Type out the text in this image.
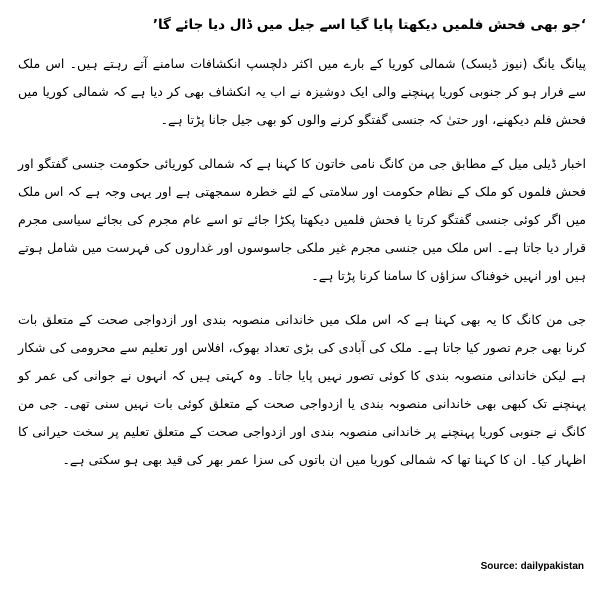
‘جو بھی فحش فلمیں دیکھتا پایا گیا اسے جیل میں ڈال دیا جائے گا’

پیانگ یانگ (نیوز ڈیسک) شمالی کوریا کے بارے میں اکثر دلچسپ انکشافات سامنے آتے رہتے ہیں۔ اس ملک سے فرار ہو کر جنوبی کوریا پہنچنے والی ایک دوشیزہ نے اب یہ انکشاف بھی کر دیا ہے کہ شمالی کوریا میں فحش فلم دیکھنے، اور حتیٰ کہ جنسی گفتگو کرنے والوں کو بھی جیل جانا پڑتا ہے۔

اخبار ڈیلی میل کے مطابق جی من کانگ نامی خاتون کا کہنا ہے کہ شمالی کوریائی حکومت جنسی گفتگو اور فحش فلموں کو ملک کے نظام حکومت اور سلامتی کے لئے خطرہ سمجھتی ہے اور یہی وجہ ہے کہ اس ملک میں اگر کوئی جنسی گفتگو کرتا یا فحش فلمیں دیکھتا پکڑا جائے تو اسے عام مجرم کی بجائے سیاسی مجرم قرار دیا جاتا ہے۔ اس ملک میں جنسی مجرم غیر ملکی جاسوسوں اور غداروں کی فہرست میں شامل ہوتے ہیں اور انہیں خوفناک سزاؤں کا سامنا کرنا پڑتا ہے۔

جی من کانگ کا یہ بھی کہنا ہے کہ اس ملک میں خاندانی منصوبہ بندی اور ازدواجی صحت کے متعلق بات کرنا بھی جرم تصور کیا جاتا ہے۔ ملک کی آبادی کی بڑی تعداد بھوک، افلاس اور تعلیم سے محرومی کی شکار ہے لیکن خاندانی منصوبہ بندی کا کوئی تصور نہیں پایا جاتا۔ وہ کہتی ہیں کہ انہوں نے جوانی کی عمر کو پہنچنے تک کبھی بھی خاندانی منصوبہ بندی یا ازدواجی صحت کے متعلق کوئی بات نہیں سنی تھی۔ جی من کانگ نے جنوبی کوریا پہنچنے پر خاندانی منصوبہ بندی اور ازدواجی صحت کے متعلق تعلیم پر سخت حیرانی کا اظہار کیا۔ ان کا کہنا تھا کہ شمالی کوریا میں ان باتوں کی سزا عمر بھر کی قید بھی ہو سکتی ہے۔

Source: dailypakistan
